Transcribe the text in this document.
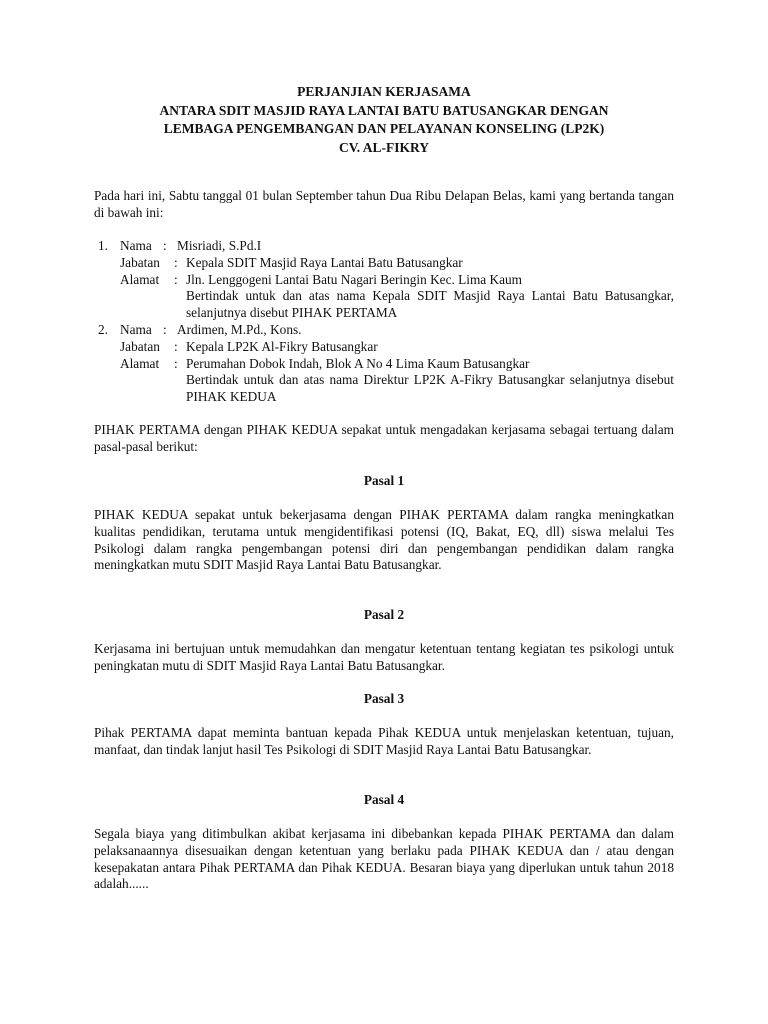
PERJANJIAN KERJASAMA
ANTARA SDIT MASJID RAYA LANTAI BATU BATUSANGKAR DENGAN
LEMBAGA PENGEMBANGAN DAN PELAYANAN KONSELING (LP2K)
CV. AL-FIKRY
Pada hari ini, Sabtu tanggal 01 bulan September tahun Dua Ribu Delapan Belas, kami yang bertanda tangan di bawah ini:
1. Nama : Misriadi, S.Pd.I
Jabatan : Kepala SDIT Masjid Raya Lantai Batu Batusangkar
Alamat : Jln. Lenggogeni Lantai Batu Nagari Beringin Kec. Lima Kaum
Bertindak untuk dan atas nama Kepala SDIT Masjid Raya Lantai Batu Batusangkar, selanjutnya disebut PIHAK PERTAMA
2. Nama : Ardimen, M.Pd., Kons.
Jabatan : Kepala LP2K Al-Fikry Batusangkar
Alamat : Perumahan Dobok Indah, Blok A No 4 Lima Kaum Batusangkar
Bertindak untuk dan atas nama Direktur LP2K A-Fikry Batusangkar selanjutnya disebut PIHAK KEDUA
PIHAK PERTAMA dengan PIHAK KEDUA sepakat untuk mengadakan kerjasama sebagai tertuang dalam pasal-pasal berikut:
Pasal 1
PIHAK KEDUA sepakat untuk bekerjasama dengan PIHAK PERTAMA dalam rangka meningkatkan kualitas pendidikan, terutama untuk mengidentifikasi potensi (IQ, Bakat, EQ, dll) siswa melalui Tes Psikologi dalam rangka pengembangan potensi diri dan pengembangan pendidikan dalam rangka meningkatkan mutu SDIT Masjid Raya Lantai Batu Batusangkar.
Pasal 2
Kerjasama ini bertujuan untuk memudahkan dan mengatur ketentuan tentang kegiatan tes psikologi untuk peningkatan mutu di SDIT Masjid Raya Lantai Batu Batusangkar.
Pasal 3
Pihak PERTAMA dapat meminta bantuan kepada Pihak KEDUA untuk menjelaskan ketentuan, tujuan, manfaat, dan tindak lanjut hasil Tes Psikologi di SDIT Masjid Raya Lantai Batu Batusangkar.
Pasal 4
Segala biaya yang ditimbulkan akibat kerjasama ini dibebankan kepada PIHAK PERTAMA dan dalam pelaksanaannya disesuaikan dengan ketentuan yang berlaku pada PIHAK KEDUA dan / atau dengan kesepakatan antara Pihak PERTAMA dan Pihak KEDUA. Besaran biaya yang diperlukan untuk tahun 2018 adalah......
